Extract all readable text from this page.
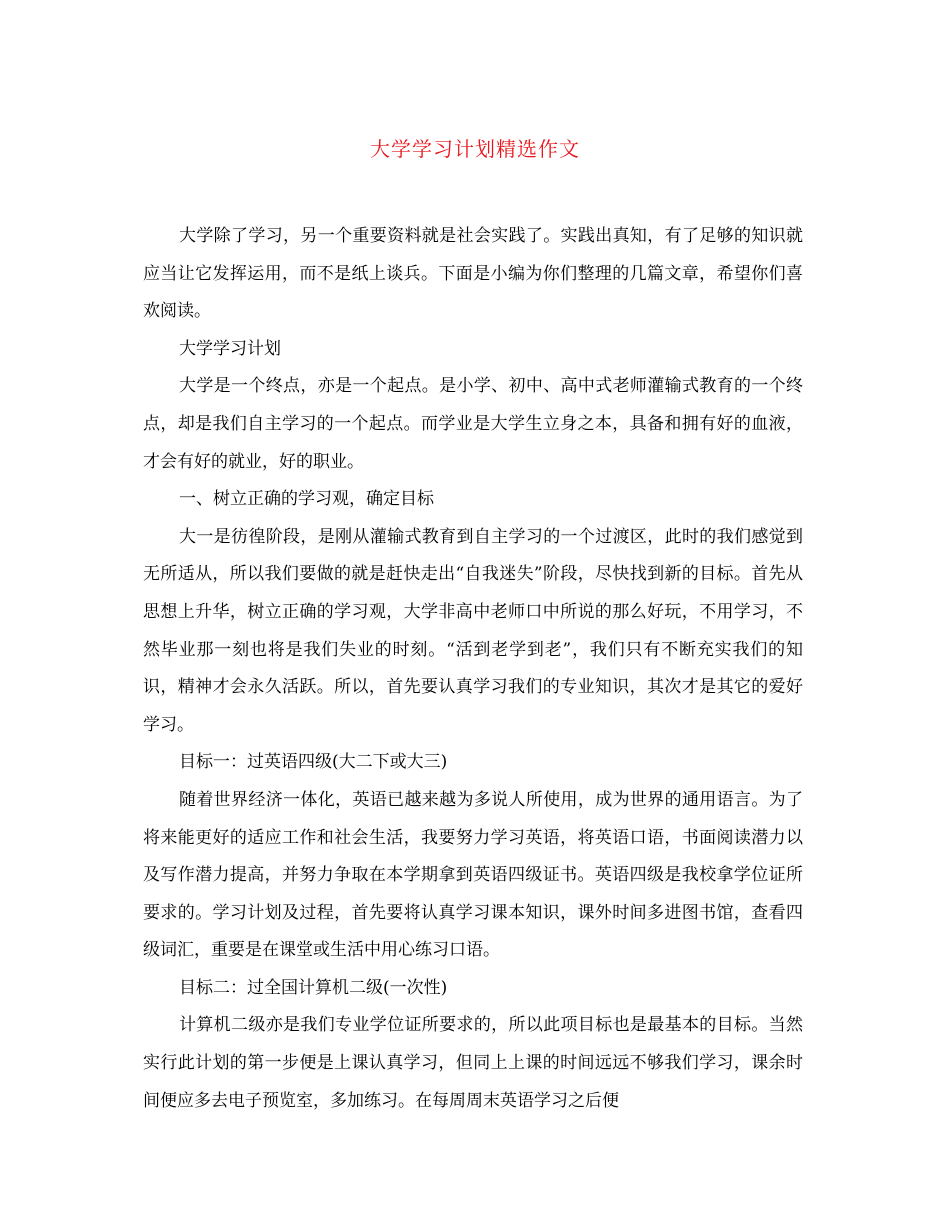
大学学习计划精选作文

大学除了学习，另一个重要资料就是社会实践了。实践出真知，有了足够的知识就应当让它发挥运用，而不是纸上谈兵。下面是小编为你们整理的几篇文章，希望你们喜欢阅读。

大学学习计划

大学是一个终点，亦是一个起点。是小学、初中、高中式老师灌输式教育的一个终点，却是我们自主学习的一个起点。而学业是大学生立身之本，具备和拥有好的血液，才会有好的就业，好的职业。

一、树立正确的学习观，确定目标

大一是彷徨阶段，是刚从灌输式教育到自主学习的一个过渡区，此时的我们感觉到无所适从，所以我们要做的就是赶快走出“自我迷失”阶段，尽快找到新的目标。首先从思想上升华，树立正确的学习观，大学非高中老师口中所说的那么好玩，不用学习，不然毕业那一刻也将是我们失业的时刻。“活到老学到老”，我们只有不断充实我们的知识，精神才会永久活跃。所以，首先要认真学习我们的专业知识，其次才是其它的爱好学习。

目标一：过英语四级(大二下或大三)

随着世界经济一体化，英语已越来越为多说人所使用，成为世界的通用语言。为了将来能更好的适应工作和社会生活，我要努力学习英语，将英语口语，书面阅读潜力以及写作潜力提高，并努力争取在本学期拿到英语四级证书。英语四级是我校拿学位证所要求的。学习计划及过程，首先要将认真学习课本知识，课外时间多进图书馆，查看四级词汇，重要是在课堂或生活中用心练习口语。

目标二：过全国计算机二级(一次性)

计算机二级亦是我们专业学位证所要求的，所以此项目标也是最基本的目标。当然实行此计划的第一步便是上课认真学习，但同上上课的时间远远不够我们学习，课余时间便应多去电子预览室，多加练习。在每周周末英语学习之后便
